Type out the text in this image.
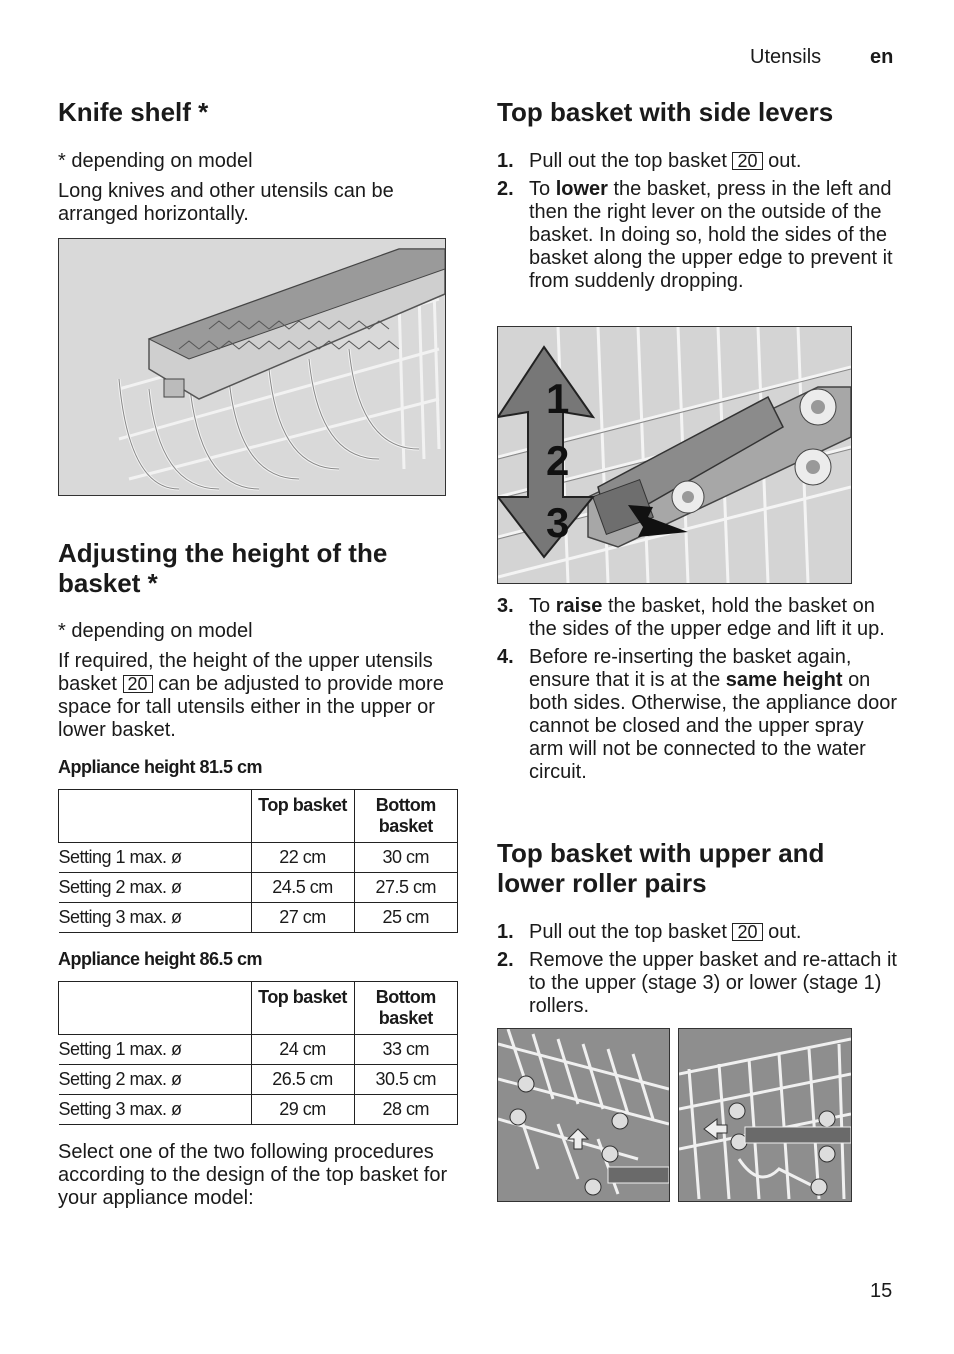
Utensils en
Knife shelf *

* depending on model

Long knives and other utensils can be arranged horizontally.

Adjusting the height of the
basket *

* depending on model

If required, the height of the upper utensils basket 20 can be adjusted to provide more space for tall utensils either in the upper or lower basket.

Appliance height 81.5 cm
	Top basket	Bottom basket
Setting 1 max. ø	22 cm	30 cm
Setting 2 max. ø	24.5 cm	27.5 cm
Setting 3 max. ø	27 cm	25 cm
Appliance height 86.5 cm
	Top basket	Bottom basket
Setting 1 max. ø	24 cm	33 cm
Setting 2 max. ø	26.5 cm	30.5 cm
Setting 3 max. ø	29 cm	28 cm

Select one of the two following procedures according to the design of the top basket for your appliance model:

Top basket with side levers
1. Pull out the top basket 20 out.
2. To lower the basket, press in the left and then the right lever on the outside of the basket. In doing so, hold the sides of the basket along the upper edge to prevent it from suddenly dropping.
1
2
3
3. To raise the basket, hold the basket on the sides of the upper edge and lift it up.
4. Before re-inserting the basket again, ensure that it is at the same height on both sides. Otherwise, the appliance door cannot be closed and the upper spray arm will not be connected to the water circuit.
Top basket with upper and
lower roller pairs
1. Pull out the top basket 20 out.
2. Remove the upper basket and re-attach it to the upper (stage 3) or lower (stage 1) rollers.
15
